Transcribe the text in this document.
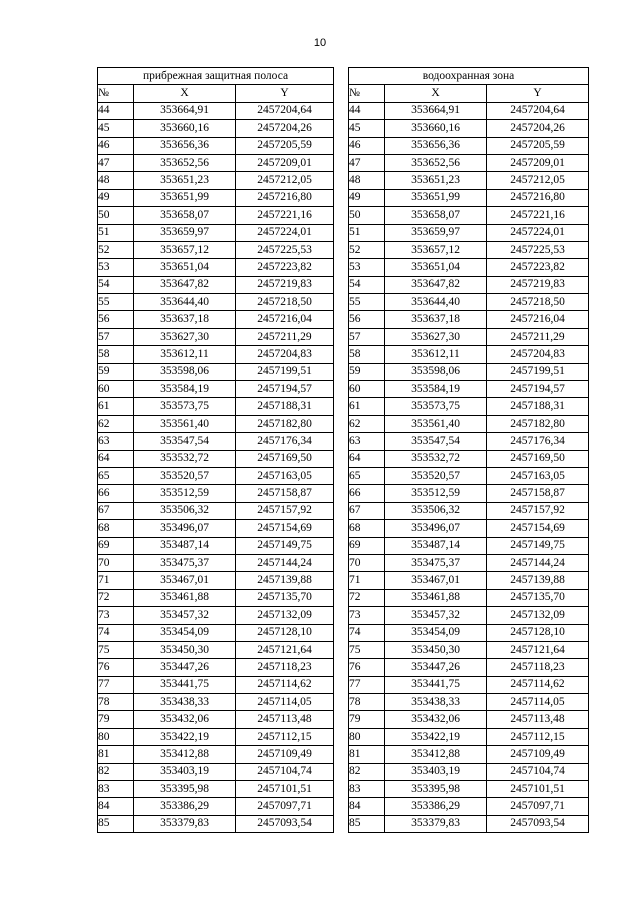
10
прибрежная защитная полоса				водоохранная зона		
№	X	Y		№	X	Y
44	353664,91	2457204,64		44	353664,91	2457204,64
45	353660,16	2457204,26		45	353660,16	2457204,26
46	353656,36	2457205,59		46	353656,36	2457205,59
47	353652,56	2457209,01		47	353652,56	2457209,01
48	353651,23	2457212,05		48	353651,23	2457212,05
49	353651,99	2457216,80		49	353651,99	2457216,80
50	353658,07	2457221,16		50	353658,07	2457221,16
51	353659,97	2457224,01		51	353659,97	2457224,01
52	353657,12	2457225,53		52	353657,12	2457225,53
53	353651,04	2457223,82		53	353651,04	2457223,82
54	353647,82	2457219,83		54	353647,82	2457219,83
55	353644,40	2457218,50		55	353644,40	2457218,50
56	353637,18	2457216,04		56	353637,18	2457216,04
57	353627,30	2457211,29		57	353627,30	2457211,29
58	353612,11	2457204,83		58	353612,11	2457204,83
59	353598,06	2457199,51		59	353598,06	2457199,51
60	353584,19	2457194,57		60	353584,19	2457194,57
61	353573,75	2457188,31		61	353573,75	2457188,31
62	353561,40	2457182,80		62	353561,40	2457182,80
63	353547,54	2457176,34		63	353547,54	2457176,34
64	353532,72	2457169,50		64	353532,72	2457169,50
65	353520,57	2457163,05		65	353520,57	2457163,05
66	353512,59	2457158,87		66	353512,59	2457158,87
67	353506,32	2457157,92		67	353506,32	2457157,92
68	353496,07	2457154,69		68	353496,07	2457154,69
69	353487,14	2457149,75		69	353487,14	2457149,75
70	353475,37	2457144,24		70	353475,37	2457144,24
71	353467,01	2457139,88		71	353467,01	2457139,88
72	353461,88	2457135,70		72	353461,88	2457135,70
73	353457,32	2457132,09		73	353457,32	2457132,09
74	353454,09	2457128,10		74	353454,09	2457128,10
75	353450,30	2457121,64		75	353450,30	2457121,64
76	353447,26	2457118,23		76	353447,26	2457118,23
77	353441,75	2457114,62		77	353441,75	2457114,62
78	353438,33	2457114,05		78	353438,33	2457114,05
79	353432,06	2457113,48		79	353432,06	2457113,48
80	353422,19	2457112,15		80	353422,19	2457112,15
81	353412,88	2457109,49		81	353412,88	2457109,49
82	353403,19	2457104,74		82	353403,19	2457104,74
83	353395,98	2457101,51		83	353395,98	2457101,51
84	353386,29	2457097,71		84	353386,29	2457097,71
85	353379,83	2457093,54		85	353379,83	2457093,54
